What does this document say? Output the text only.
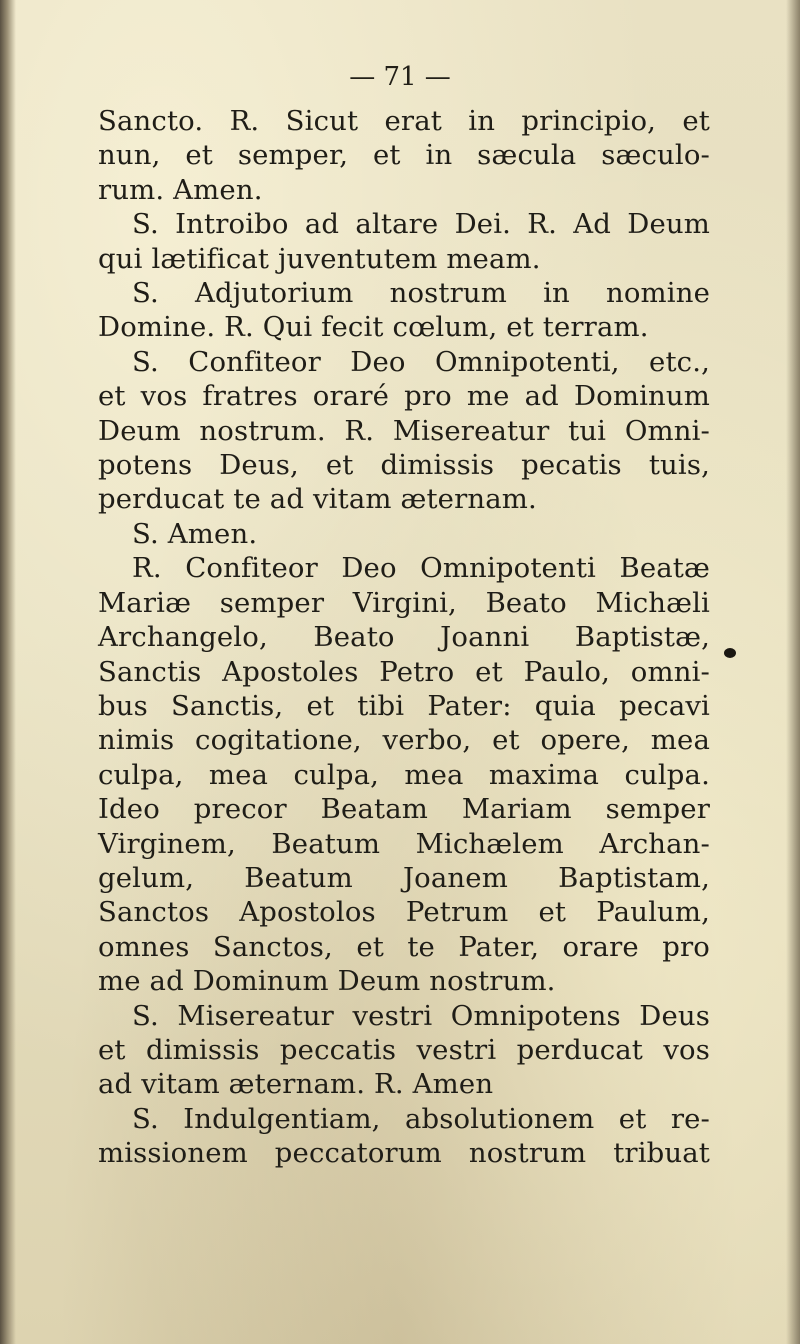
— 71 —
Sancto. R. Sicut erat in principio, et
nun, et semper, et in sæcula sæculo-
rum. Amen.
S. Introibo ad altare Dei. R. Ad Deum
qui lætificat juventutem meam.
S. Adjutorium nostrum in nomine
Domine. R. Qui fecit cœlum, et terram.
S. Confiteor Deo Omnipotenti, etc.,
et vos fratres oraré pro me ad Dominum
Deum nostrum. R. Misereatur tui Omni-
potens Deus, et dimissis pecatis tuis,
perducat te ad vitam æternam.
S. Amen.
R. Confiteor Deo Omnipotenti Beatæ
Mariæ semper Virgini, Beato Michæli
Archangelo, Beato Joanni Baptistæ,
Sanctis Apostoles Petro et Paulo, omni-
bus Sanctis, et tibi Pater: quia pecavi
nimis cogitatione, verbo, et opere, mea
culpa, mea culpa, mea maxima culpa.
Ideo precor Beatam Mariam semper
Virginem, Beatum Michælem Archan-
gelum, Beatum Joanem Baptistam,
Sanctos Apostolos Petrum et Paulum,
omnes Sanctos, et te Pater, orare pro
me ad Dominum Deum nostrum.
S. Misereatur vestri Omnipotens Deus
et dimissis peccatis vestri perducat vos
ad vitam æternam. R. Amen
S. Indulgentiam, absolutionem et re-
missionem peccatorum nostrum tribuat
